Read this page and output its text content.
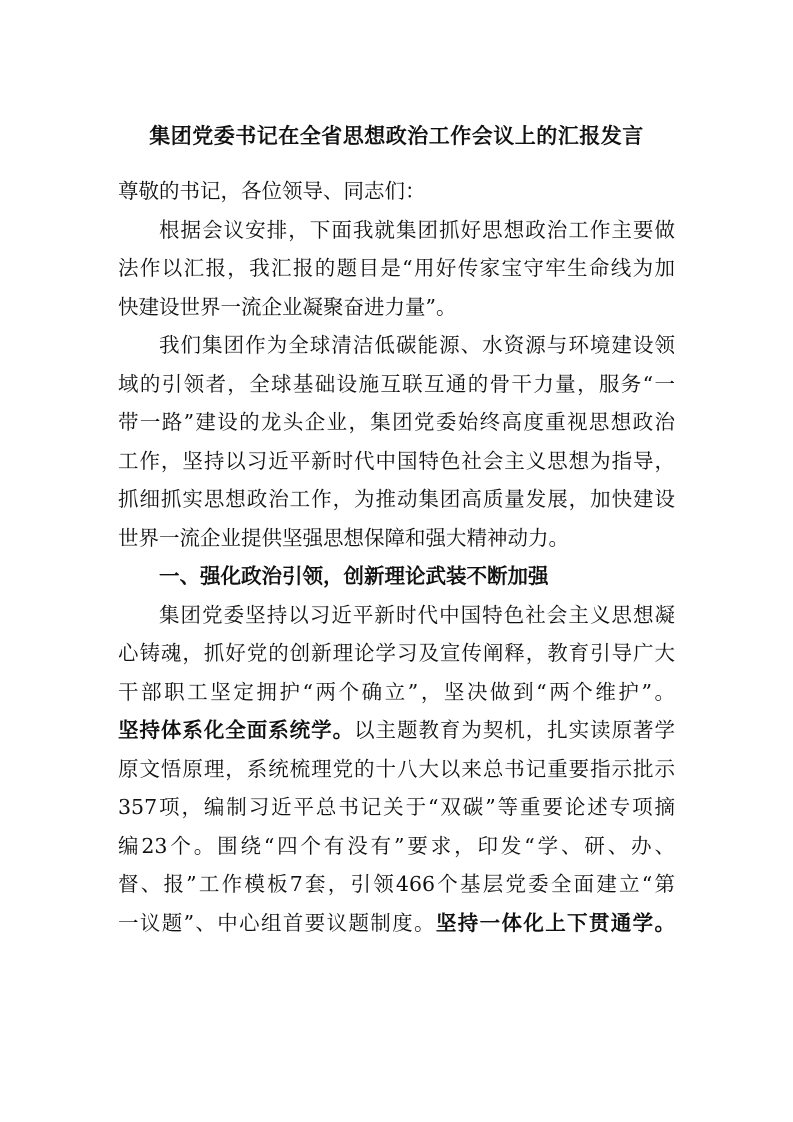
集团党委书记在全省思想政治工作会议上的汇报发言
尊敬的书记，各位领导、同志们：
根据会议安排，下面我就集团抓好思想政治工作主要做
法作以汇报，我汇报的题目是“用好传家宝守牢生命线为加
快建设世界一流企业凝聚奋进力量”。
我们集团作为全球清洁低碳能源、水资源与环境建设领
域的引领者，全球基础设施互联互通的骨干力量，服务“一
带一路”建设的龙头企业，集团党委始终高度重视思想政治
工作，坚持以习近平新时代中国特色社会主义思想为指导，
抓细抓实思想政治工作，为推动集团高质量发展，加快建设
世界一流企业提供坚强思想保障和强大精神动力。
一、强化政治引领，创新理论武装不断加强
集团党委坚持以习近平新时代中国特色社会主义思想凝
心铸魂，抓好党的创新理论学习及宣传阐释，教育引导广大
干部职工坚定拥护“两个确立”，坚决做到“两个维护”。
坚持体系化全面系统学。以主题教育为契机，扎实读原著学
原文悟原理，系统梳理党的十八大以来总书记重要指示批示
357项，编制习近平总书记关于“双碳”等重要论述专项摘
编23个。围绕“四个有没有”要求，印发“学、研、办、
督、报”工作模板7套，引领466个基层党委全面建立“第
一议题”、中心组首要议题制度。坚持一体化上下贯通学。
